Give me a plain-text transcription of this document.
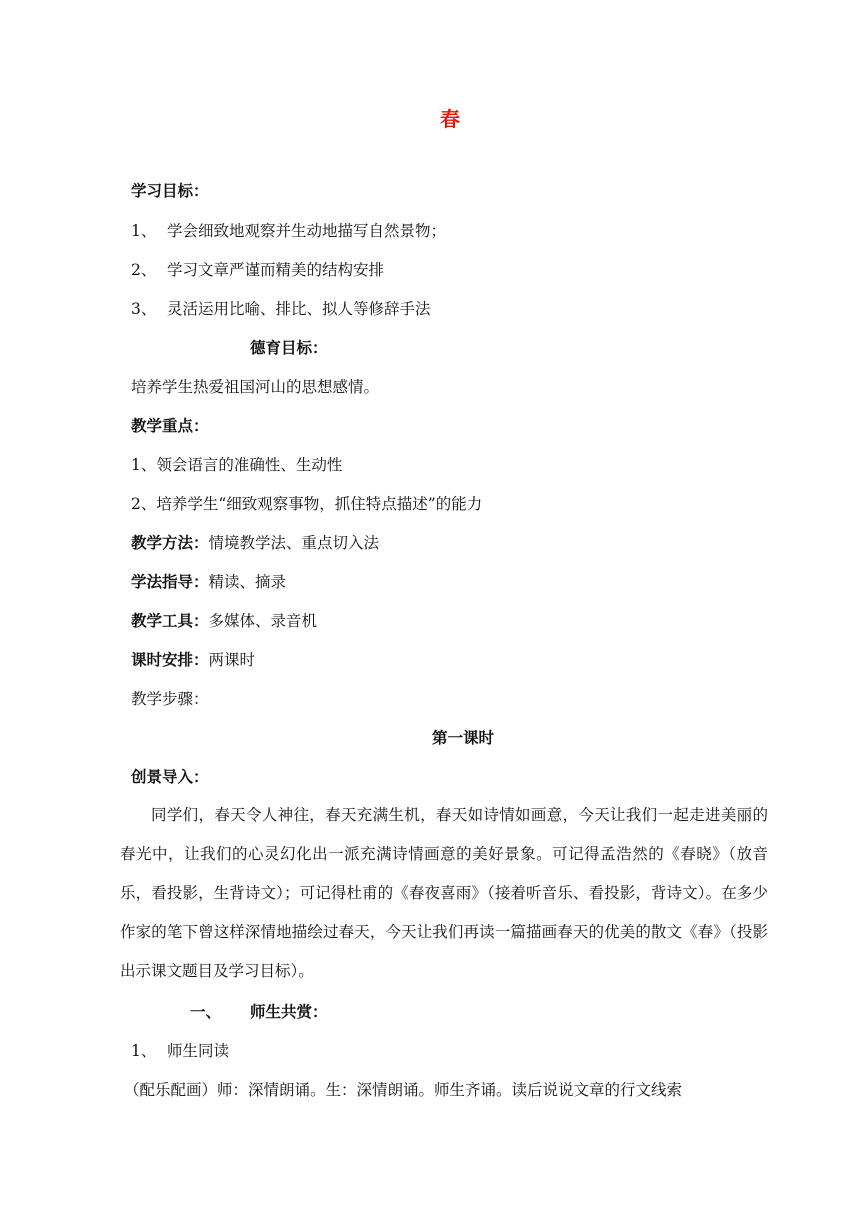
春
学习目标：
1、 学会细致地观察并生动地描写自然景物；
2、 学习文章严谨而精美的结构安排
3、 灵活运用比喻、排比、拟人等修辞手法
德育目标：
培养学生热爱祖国河山的思想感情。
教学重点：
1、领会语言的准确性、生动性
2、培养学生“细致观察事物，抓住特点描述”的能力
教学方法：情境教学法、重点切入法
学法指导：精读、摘录
教学工具：多媒体、录音机
课时安排：两课时
教学步骤：
第一课时
创景导入：
同学们，春天令人神往，春天充满生机，春天如诗情如画意，今天让我们一起走进美丽的春光中，让我们的心灵幻化出一派充满诗情画意的美好景象。可记得孟浩然的《春晓》（放音乐，看投影，生背诗文）；可记得杜甫的《春夜喜雨》（接着听音乐、看投影，背诗文）。在多少作家的笔下曾这样深情地描绘过春天，今天让我们再读一篇描画春天的优美的散文《春》（投影出示课文题目及学习目标）。
一、 师生共赏：
1、 师生同读
（配乐配画）师：深情朗诵。生：深情朗诵。师生齐诵。读后说说文章的行文线索
